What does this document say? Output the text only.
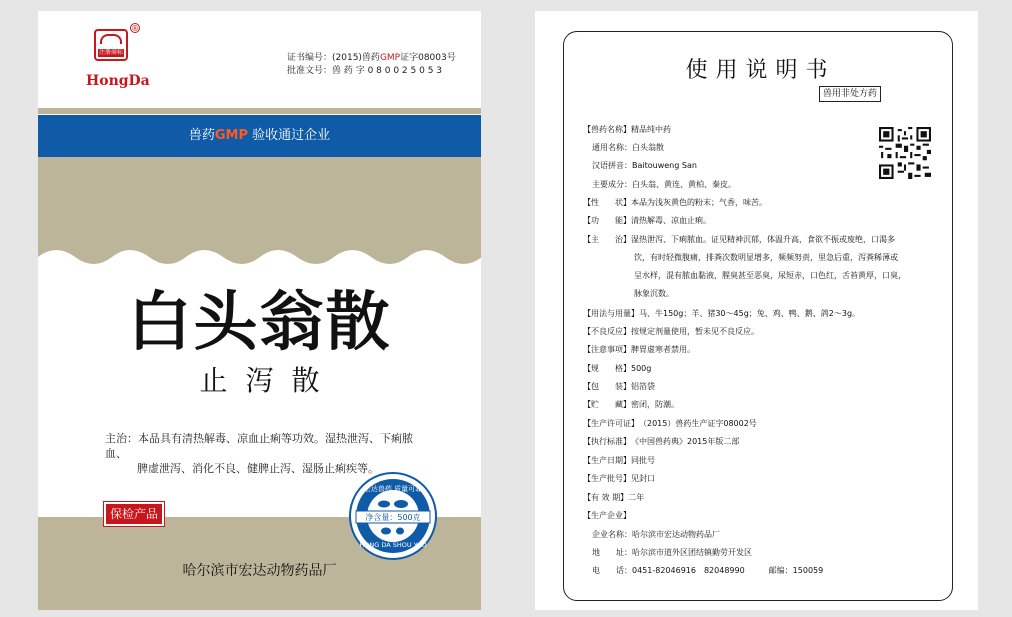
注册商标
®
HongDa
证书编号：(2015)兽药GMP证字08003号
批准文号：兽 药 字 0 8 0 0 2 5 0 5 3
兽药GMP 验收通过企业
白头翁散
止泻散
主治：本品具有清热解毒、凉血止痢等功效。湿热泄泻、下痢脓血、
脾虚泄泻、消化不良、健脾止泻、湿肠止痢疾等。
保检产品	净含量：500克
宏达兽药 质量可靠
HONG DA SHOU YAO
哈尔滨市宏达动物药品厂
使用说明书
兽用非处方药
【兽药名称】精品纯中药
通用名称：白头翁散
汉语拼音：Baitouweng San
主要成分：白头翁、黄连、黄柏、秦皮。
【性　　状】本品为浅灰黄色的粉末；气香，味苦。
【功　　能】清热解毒、凉血止痢。
【主　　治】湿热泄泻、下痢脓血。证见精神沉郁，体温升高，食欲不振或废绝，口渴多
饮，有时轻微腹痛，排粪次数明显增多，频频努责，里急后重，泻粪稀薄或
呈水样，混有脓血黏液，腥臭甚至恶臭，尿短赤，口色红，舌苔黄厚，口臭，
脉象沉数。
【用法与用量】马、牛150g；羊、猪30～45g；兔、鸡、鸭、鹅、鸽2～3g。
【不良反应】按规定剂量使用，暂未见不良反应。
【注意事项】脾胃虚寒者禁用。
【规　　格】500g
【包　　装】铝箔袋
【贮　　藏】密闭，防潮。
【生产许可证】（2015）兽药生产证字08002号
【执行标准】《中国兽药典》2015年版二部
【生产日期】同批号
【生产批号】见封口
【有 效 期】二年
【生产企业】
企业名称：哈尔滨市宏达动物药品厂
地　　址：哈尔滨市道外区团结镇勤劳开发区
电　　话：0451-82046916　82048990　　　邮编：150059
